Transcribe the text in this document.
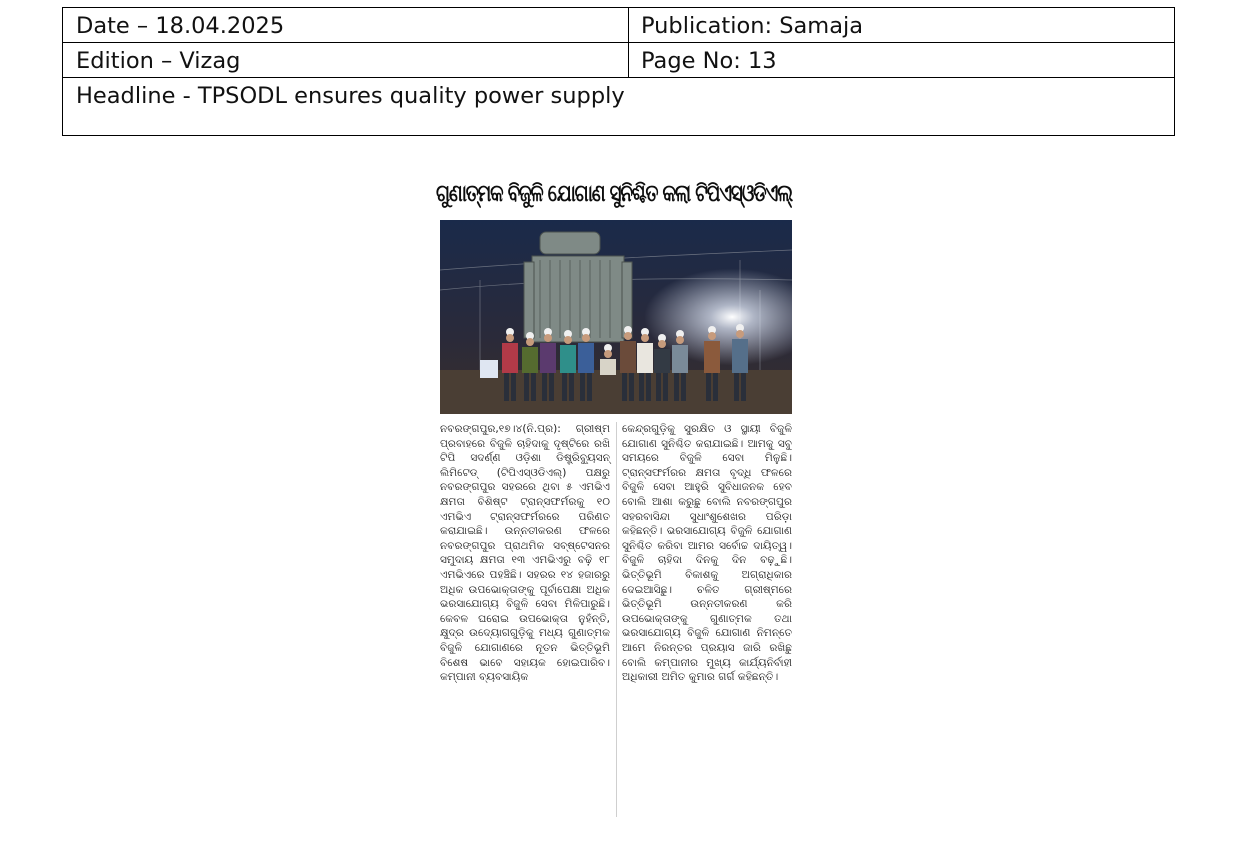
Date – 18.04.2025	Publication: Samaja
Edition – Vizag	Page No: 13
Headline - TPSODL ensures quality power supply
ଗୁଣାତ୍ମକ ବିଜୁଳି ଯୋଗାଣ ସୁନିଶ୍ଚିତ କଲା ଟିପିଏସ୍‌ଓଡିଏଲ୍
ନବରଙ୍ଗପୁର,୧୭।୪(ନି.ପ୍ର): ଗ୍ରୀଷ୍ମ ପ୍ରବାହରେ ବିଜୁଳି ଚାହିଦାକୁ ଦୃଷ୍ଟିରେ ରଖି ଟିପି ସଦର୍ଣ୍ଣ ଓଡ଼ିଶା ଡିଷ୍ଟ୍ରିବ୍ୟୁସନ୍ ଲିମିଟେଡ୍ (ଟିପିଏସ୍‌ଓଡିଏଲ୍) ପକ୍ଷରୁ ନବରଙ୍ଗପୁର ସହରରେ ଥିବା ୫ ଏମଭିଏ କ୍ଷମତା ବିଶିଷ୍ଟ ଟ୍ରାନ୍ସଫର୍ମରକୁ ୧୦ ଏମଭିଏ ଟ୍ରାନ୍ସଫର୍ମରରେ ପରିଣତ କରାଯାଇଛି। ଉନ୍ନତୀକରଣ ଫଳରେ ନବରଙ୍ଗପୁର ପ୍ରାଥମିକ ସବ୍‌ଷ୍ଟେସନର ସମୁଦାୟ କ୍ଷମତା ୧୩ ଏମଭିଏରୁ ବଢ଼ି ୧୮ ଏମଭିଏରେ ପହଞ୍ଚିଛି। ସହରର ୧୪ ହଜାରରୁ ଅଧିକ ଉପଭୋକ୍ତାଙ୍କୁ ପୂର୍ବାପେକ୍ଷା ଅଧିକ ଭରସାଯୋଗ୍ୟ ବିଜୁଳି ସେବା ମିଳିପାରୁଛି। କେବଳ ଘରୋଇ ଉପଭୋକ୍ତା ନୁହଁନ୍ତି, କ୍ଷୁଦ୍ର ଉଦ୍ୟୋଗଗୁଡ଼ିକୁ ମଧ୍ୟ ଗୁଣାତ୍ମକ ବିଜୁଳି ଯୋଗାଣରେ ନୂତନ ଭିତ୍ତିଭୂମି ବିଶେଷ ଭାବେ ସହାୟକ ହୋଇପାରିବ। କମ୍ପାନୀ ବ୍ୟବସାୟିକ
କେନ୍ଦ୍ରଗୁଡ଼ିକୁ ସୁରକ୍ଷିତ ଓ ସ୍ଥାୟୀ ବିଜୁଳି ଯୋଗାଣ ସୁନିଶ୍ଚିତ କରାଯାଇଛି। ଆମକୁ ସବୁ ସମୟରେ ବିଜୁଳି ସେବା ମିଳୁଛି। ଟ୍ରାନ୍ସଫର୍ମରର କ୍ଷମତା ବୃଦ୍ଧି ଫଳରେ ବିଜୁଳି ସେବା ଆହୁରି ସୁବିଧାଜନକ ହେବ ବୋଲି ଆଶା କରୁଛୁ ବୋଲି ନବରଙ୍ଗପୁର ସହରବାସିନ୍ଦା ସୁଧାଂଶୁଶେଖର ପରିଡ଼ା କହିଛନ୍ତି। ଭରସାଯୋଗ୍ୟ ବିଜୁଳି ଯୋଗାଣ ସୁନିଶ୍ଚିତ କରିବା ଆମର ସର୍ବୋଚ୍ଚ ଦାୟିତ୍ୱ। ବିଜୁଳି ଚାହିଦା ଦିନକୁ ଦିନ ବଢ଼ୁଛି। ଭିତ୍ତିଭୂମି ବିକାଶକୁ ଅଗ୍ରାଧିକାର ଦେଇଆସିଛୁ। ଚଳିତ ଗ୍ରୀଷ୍ମରେ ଭିତ୍ତିଭୂମି ଉନ୍ନତୀକରଣ କରି ଉପଭୋକ୍ତାଙ୍କୁ ଗୁଣାତ୍ମକ ତଥା ଭରସାଯୋଗ୍ୟ ବିଜୁଳି ଯୋଗାଣ ନିମନ୍ତେ ଆମେ ନିରନ୍ତର ପ୍ରୟାସ ଜାରି ରଖିଛୁ ବୋଲି କମ୍ପାନୀର ମୁଖ୍ୟ କାର୍ଯ୍ୟନିର୍ବାହୀ ଅଧିକାରୀ ଅମିତ କୁମାର ଗର୍ଗ କହିଛନ୍ତି।
